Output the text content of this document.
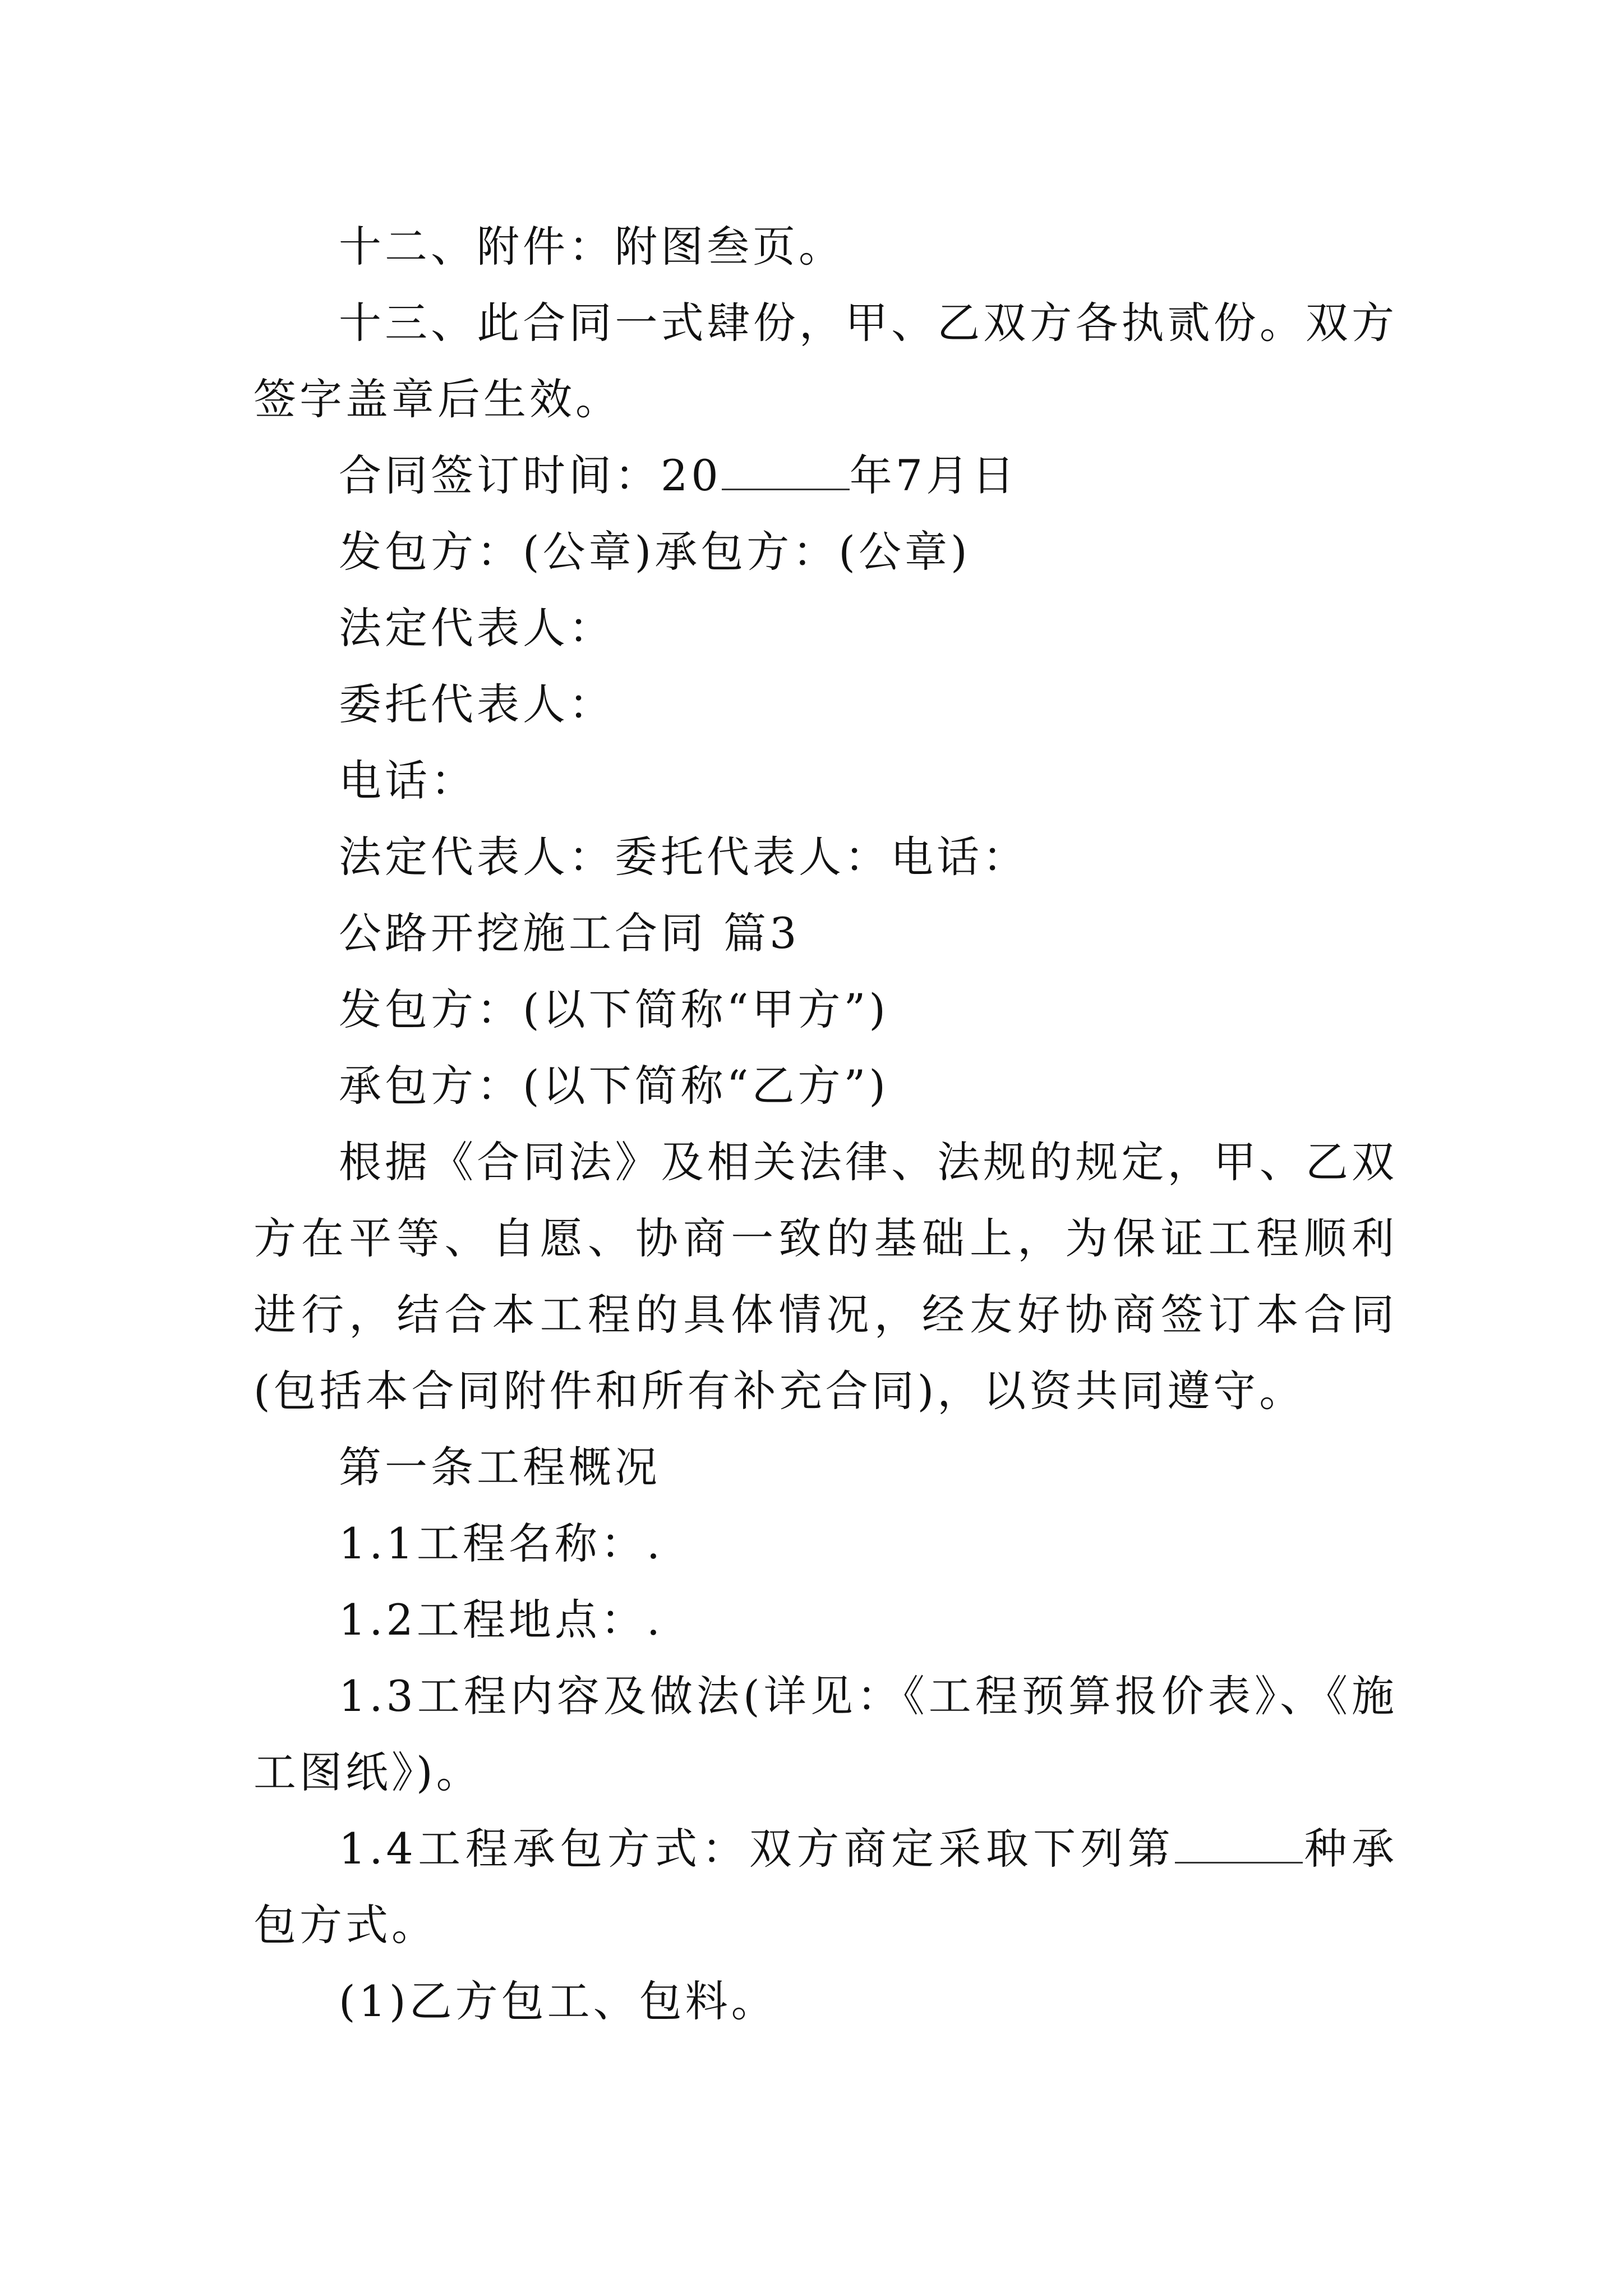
十二、附件：附图叁页。

十三、此合同一式肆份，甲、乙双方各执贰份。双方签字盖章后生效。

合同签订时间：20	年7月日

发包方：(公章)承包方：(公章)

法定代表人：

委托代表人：

电话：

法定代表人：委托代表人：电话：

公路开挖施工合同 篇3

发包方：(以下简称“甲方”)

承包方：(以下简称“乙方”)

根据《合同法》及相关法律、法规的规定，甲、乙双方在平等、自愿、协商一致的基础上，为保证工程顺利进行，结合本工程的具体情况，经友好协商签订本合同(包括本合同附件和所有补充合同)，以资共同遵守。

第一条工程概况

1.1工程名称：.

1.2工程地点：.

1.3工程内容及做法(详见：《工程预算报价表》、《施工图纸》)。

1.4工程承包方式：双方商定采取下列第	种承包方式。

(1)乙方包工、包料。
